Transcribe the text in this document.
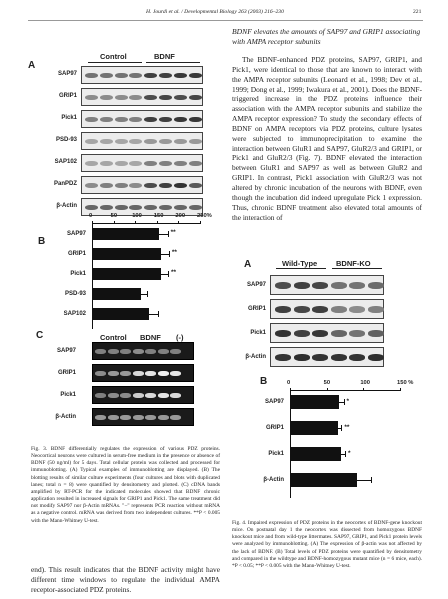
H. Jourdi et al. / Developmental Biology 263 (2003) 216–230	221
A
Control	BDNF
SAP97
GRIP1
Pick1
PSD-93
SAP102
PanPDZ
β-Actin
B
0	50	100 150 200 250%
SAP97	**
GRIP1	**
Pick1	**
PSD-93
SAP102
C	Control BDNF (-)
SAP97
GRIP1
Pick1
β-Actin
Fig. 3. BDNF differentially regulates the expression of various PDZ proteins. Neocortical neurons were cultured in serum-free medium in the presence or absence of BDNF (50 ng/ml) for 5 days. Total cellular protein was collected and processed for immunoblotting. (A) Typical examples of immunoblotting are displayed. (B) The blotting results of similar culture experiments (four cultures and blots with duplicated lanes; total n = 8) were quantified by densitometry and plotted. (C) cDNA bands amplified by RT-PCR for the indicated molecules showed that BDNF chronic application resulted in increased signals for GRIP1 and Pick1. The same treatment did not modify SAP97 nor β-Actin mRNAs. "−" represents PCR reaction without mRNA as a negative control. mRNA was derived from two independent cultures. **P < 0.005 with the Mann-Whitney U-test.
end). This result indicates that the BDNF activity might have different time windows to regulate the individual AMPA receptor-associated PDZ proteins.
BDNF elevates the amounts of SAP97 and GRIP1 associating with AMPA receptor subunits
The BDNF-enhanced PDZ proteins, SAP97, GRIP1, and Pick1, were identical to those that are known to interact with the AMPA receptor subunits (Leonard et al., 1998; Dev et al., 1999; Dong et al., 1999; Iwakura et al., 2001). Does the BDNF-triggered increase in the PDZ proteins influence their association with the AMPA receptor subunits and stabilize the AMPA receptor expression? To study the secondary effects of BDNF on AMPA receptors via PDZ proteins, culture lysates were subjected to immunoprecipitation to examine the interaction between GluR1 and SAP97, GluR2/3 and GRIP1, or Pick1 and GluR2/3 (Fig. 7). BDNF elevated the interaction between GluR1 and SAP97 as well as between GluR2 and GRIP1. In contrast, Pick1 association with GluR2/3 was not altered by chronic incubation of the neurons with BDNF, even though the incubation did indeed upregulate Pick 1 expression. Thus, chronic BDNF treatment also elevated total amounts of the interaction of
A	Wild-Type	BDNF-KO
SAP97
GRIP1
Pick1
β-Actin
B	0	50	100	150 %
SAP97	*
GRIP1	**
Pick1	*
β-Actin
Fig. 4. Impaired expression of PDZ proteins in the neocortex of BDNF-gene knockout mice. On postnatal day 1 the neocortex was dissected from homozygous BDNF knockout mice and from wild-type littermates. SAP97, GRIP1, and Pick1 protein levels were analyzed by immunoblotting. (A) The expression of β-actin was not affected by the lack of BDNF. (B) Total levels of PDZ proteins were quantified by densitometry and compared in the wildtype and BDNF-homozygous mutant mice (n = 6 mice, each). *P < 0.05; **P < 0.005 with the Mann-Whitney U-test.
